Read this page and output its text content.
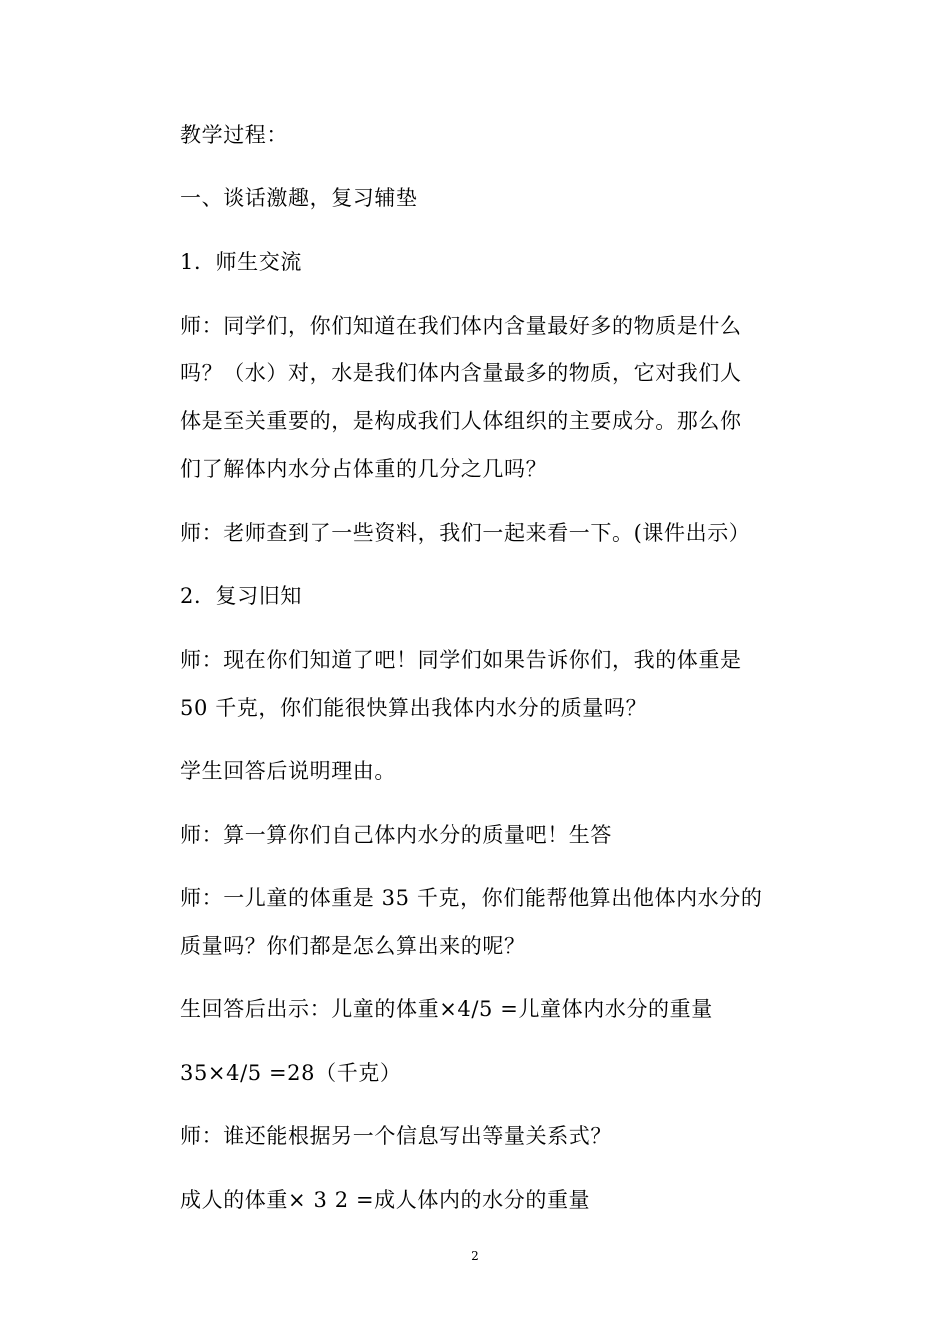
教学过程：
一、谈话激趣，复习辅垫
1．师生交流
师：同学们，你们知道在我们体内含量最好多的物质是什么
吗？（水）对，水是我们体内含量最多的物质，它对我们人
体是至关重要的，是构成我们人体组织的主要成分。那么你
们了解体内水分占体重的几分之几吗？
师：老师查到了一些资料，我们一起来看一下。(课件出示）
2．复习旧知
师：现在你们知道了吧！同学们如果告诉你们，我的体重是
50 千克，你们能很快算出我体内水分的质量吗？
学生回答后说明理由。
师：算一算你们自己体内水分的质量吧！生答
师：一儿童的体重是 35 千克，你们能帮他算出他体内水分的
质量吗？你们都是怎么算出来的呢？
生回答后出示：儿童的体重×4/5 =儿童体内水分的重量
35×4/5 =28（千克）
师：谁还能根据另一个信息写出等量关系式？
成人的体重× 3 2 =成人体内的水分的重量
2
